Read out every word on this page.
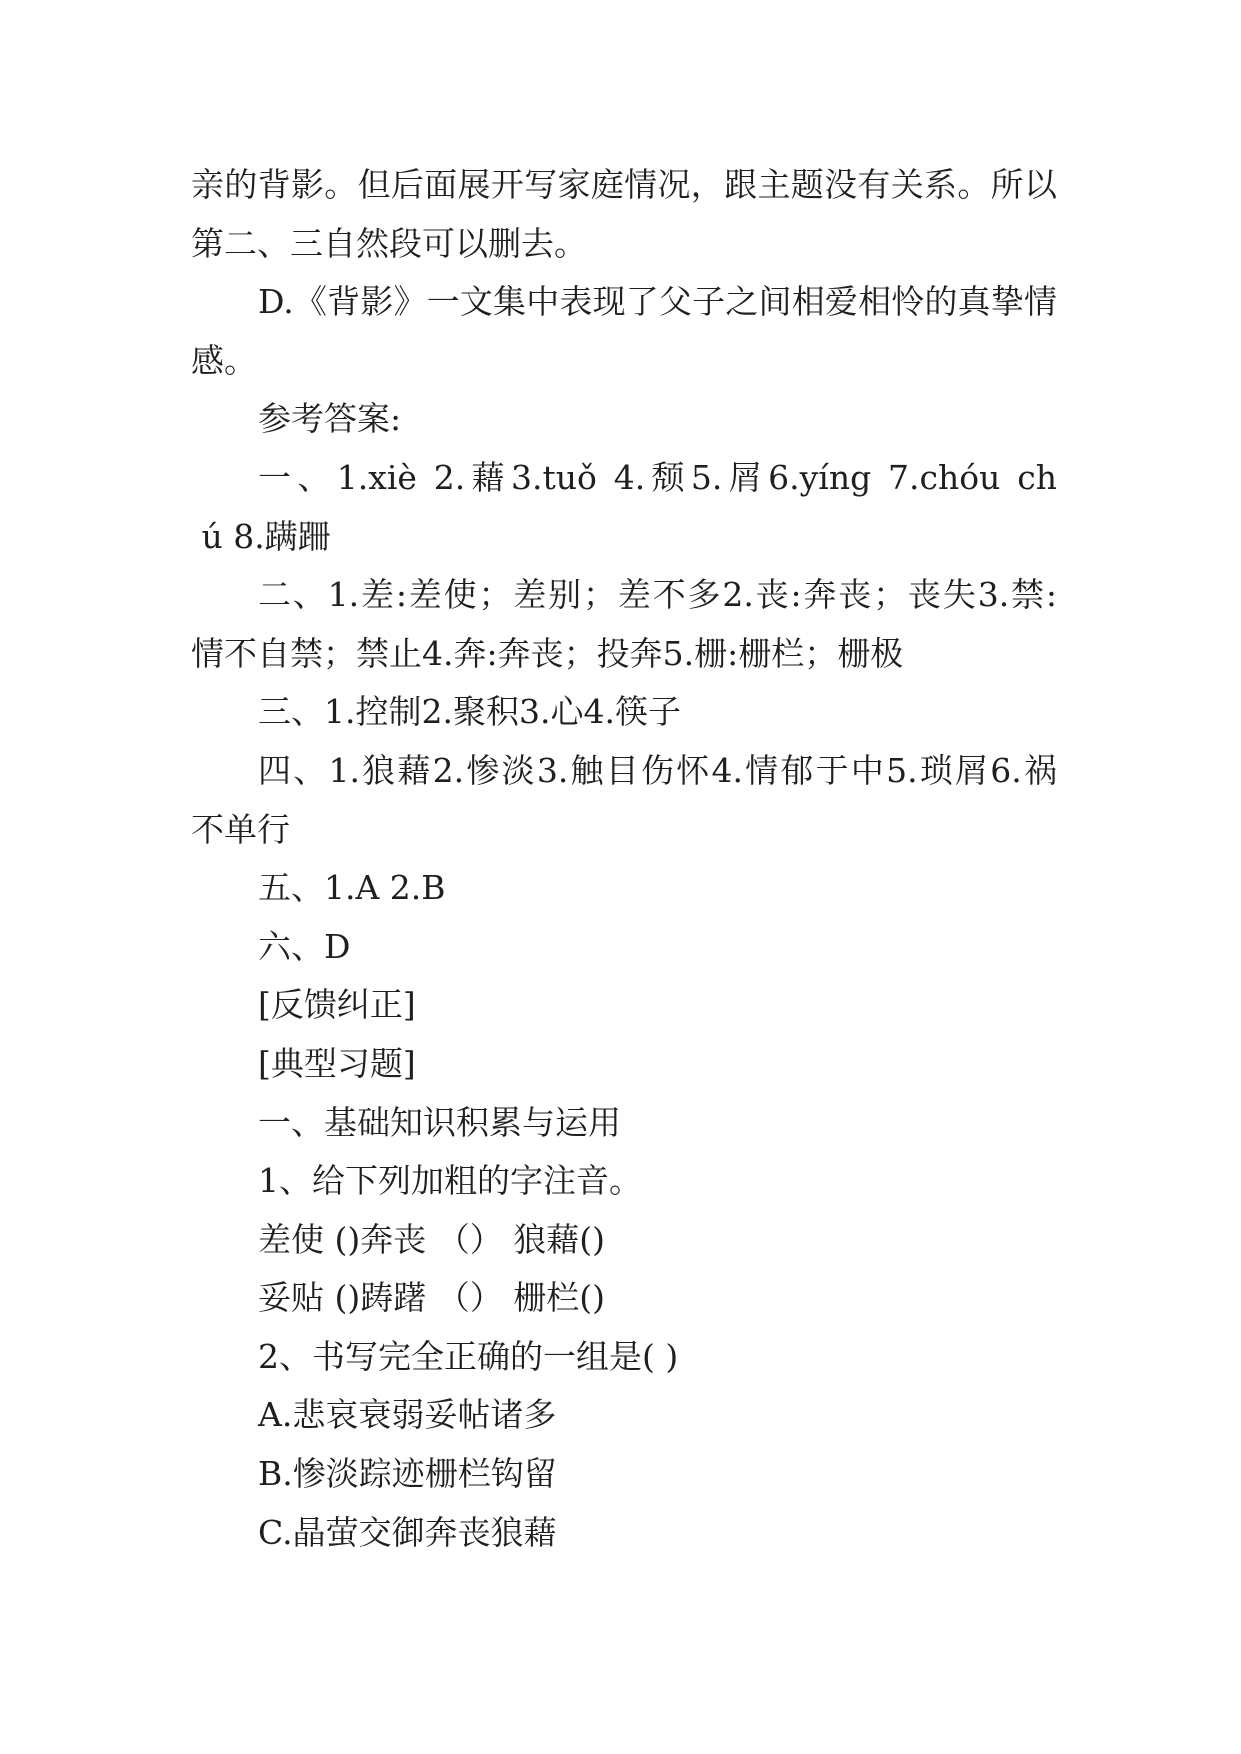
亲的背影。但后面展开写家庭情况，跟主题没有关系。所以
第二、三自然段可以删去。
D.《背影》一文集中表现了父子之间相爱相怜的真挚情
感。
参考答案:
一、1.xiè 2.藉3.tuǒ 4.颓5.屑6.yíng 7.chóu ch
ú 8.蹒跚
二、1.差:差使；差别；差不多2.丧:奔丧；丧失3.禁:
情不自禁；禁止4.奔:奔丧；投奔5.栅:栅栏；栅极
三、1.控制2.聚积3.心4.筷子
四、1.狼藉2.惨淡3.触目伤怀4.情郁于中5.琐屑6.祸
不单行
五、1.A 2.B
六、D
[反馈纠正]
[典型习题]
一、基础知识积累与运用
1、给下列加粗的字注音。
差使 ()奔丧 （） 狼藉()
妥贴 ()踌躇 （） 栅栏()
2、书写完全正确的一组是( )
A.悲哀衰弱妥帖诸多
B.惨淡踪迹栅栏钩留
C.晶萤交御奔丧狼藉
